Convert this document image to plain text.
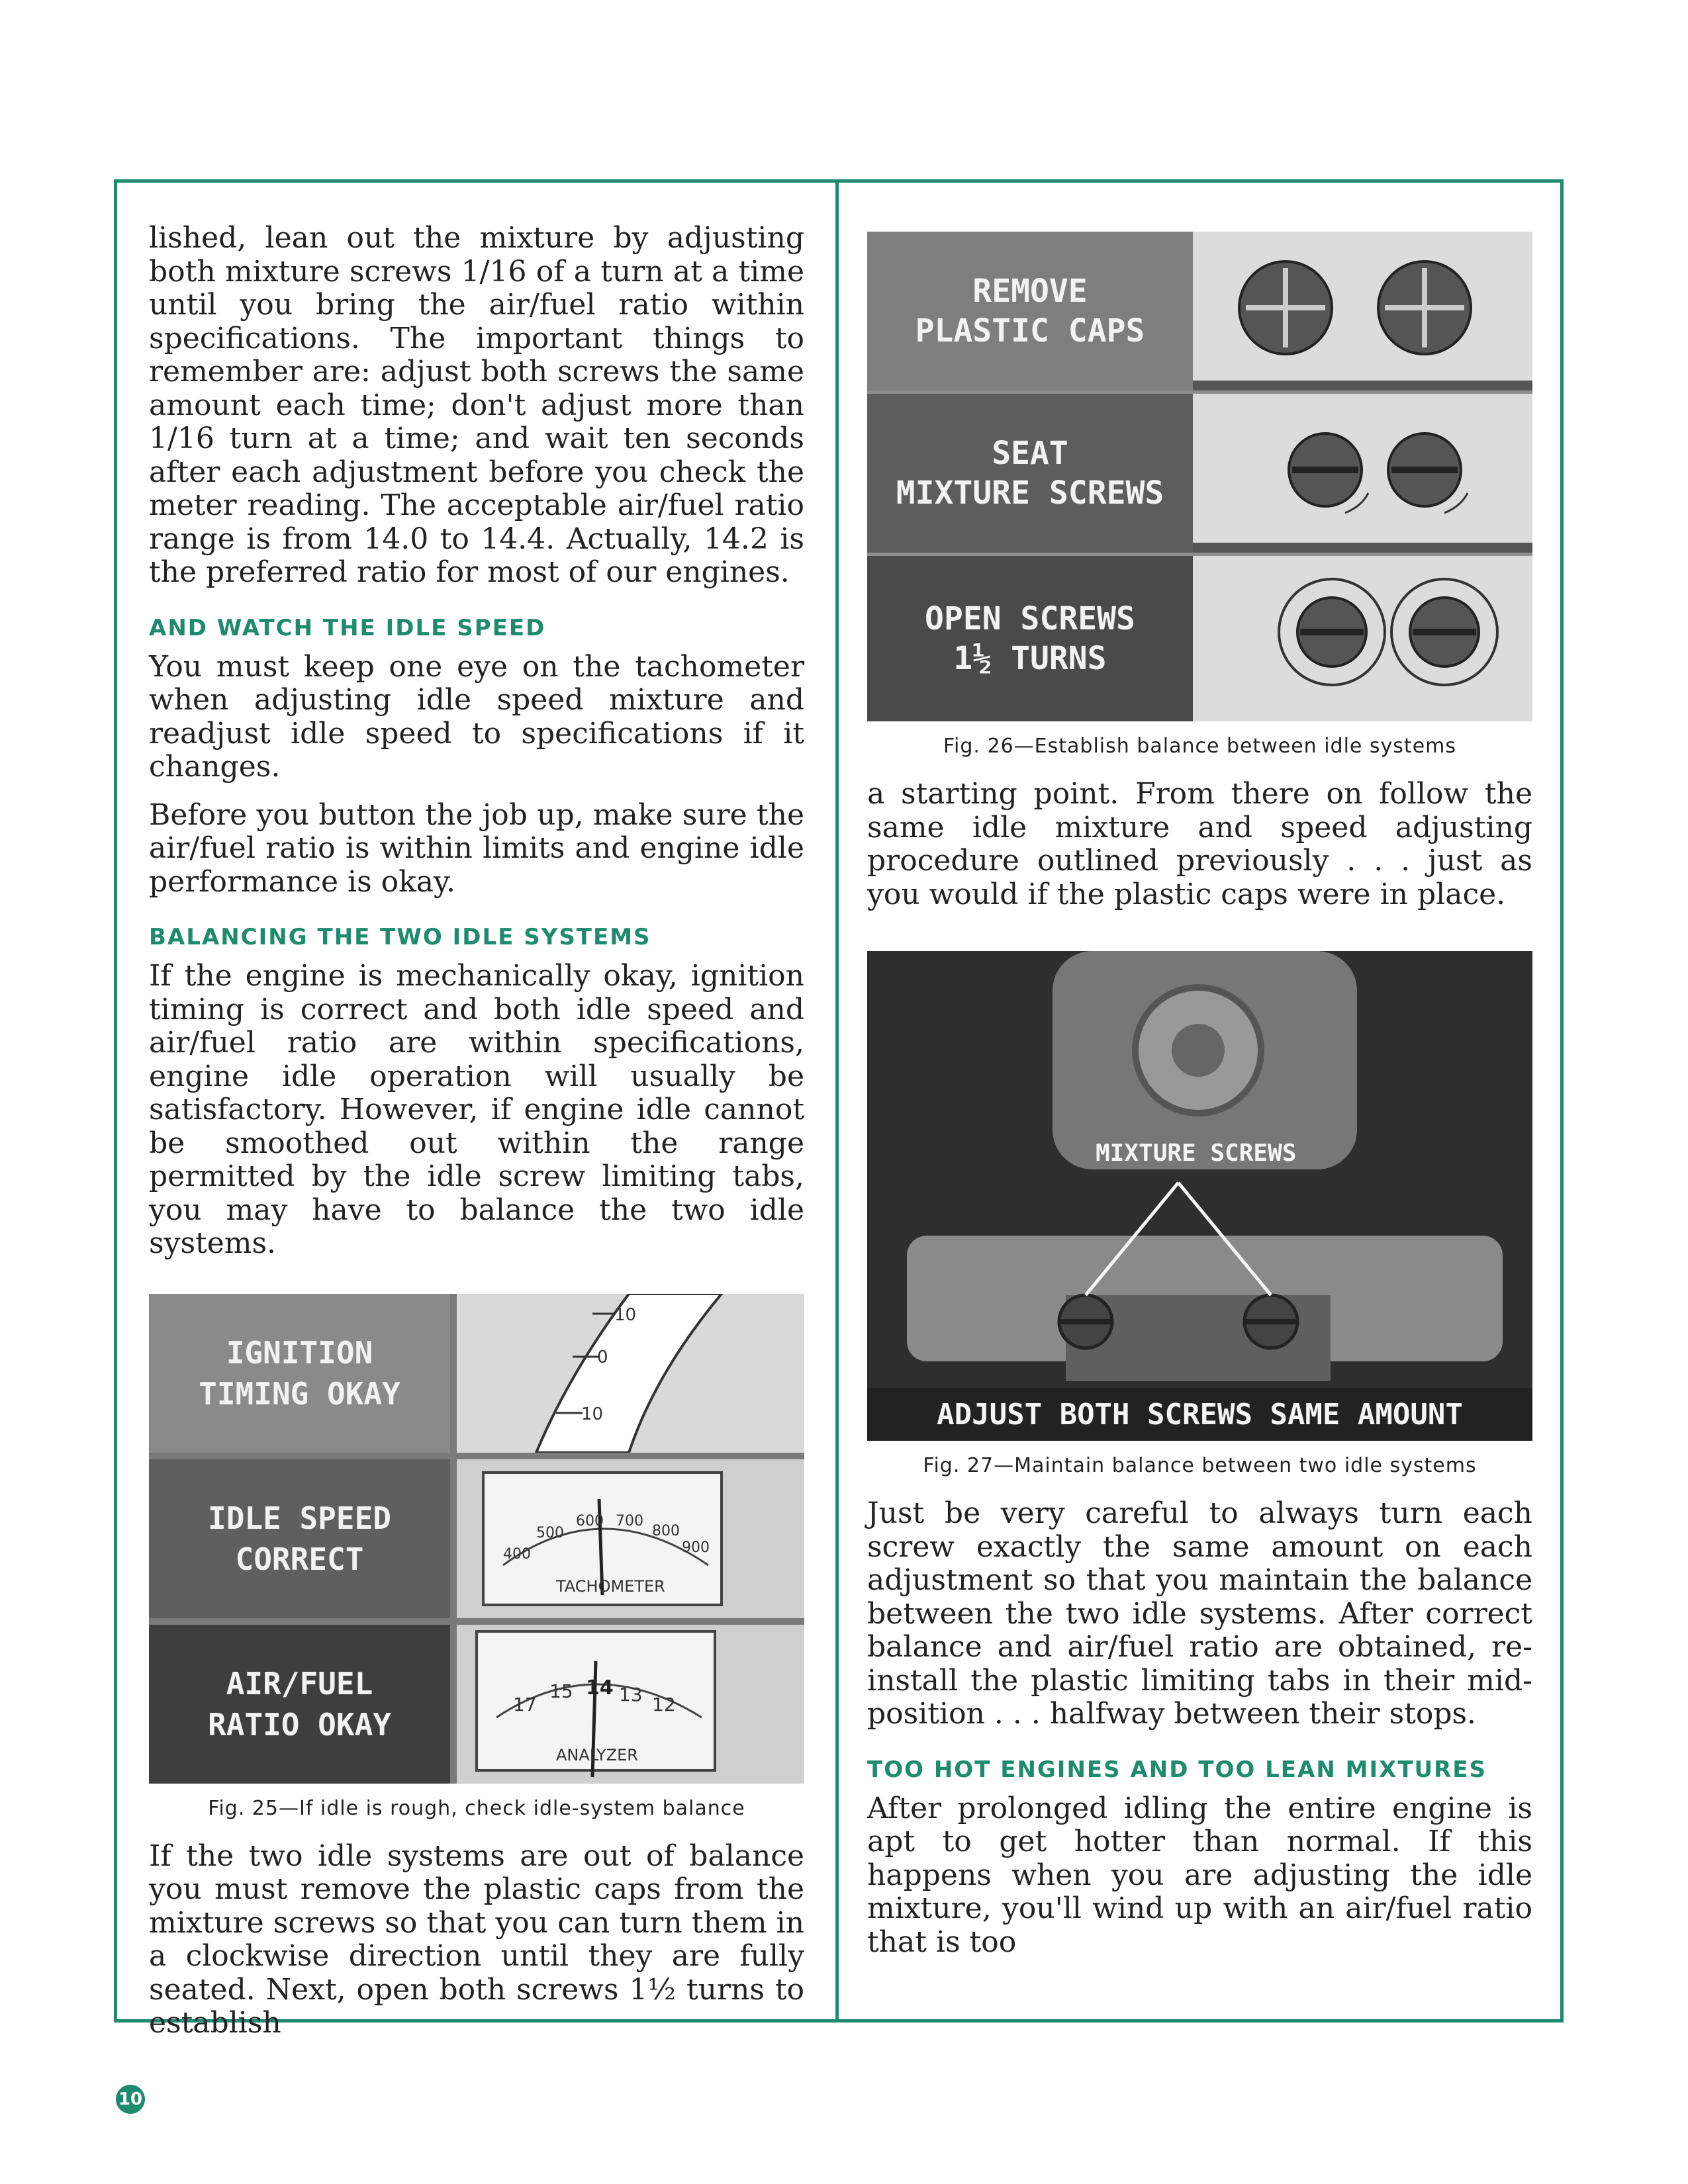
lished, lean out the mixture by adjusting both mixture screws 1/16 of a turn at a time until you bring the air/fuel ratio within specifications. The important things to remember are: adjust both screws the same amount each time; don't adjust more than 1/16 turn at a time; and wait ten seconds after each adjustment before you check the meter reading. The acceptable air/fuel ratio range is from 14.0 to 14.4. Actually, 14.2 is the preferred ratio for most of our engines.

AND WATCH THE IDLE SPEED

You must keep one eye on the tachometer when adjusting idle speed mixture and readjust idle speed to specifications if it changes.

Before you button the job up, make sure the air/fuel ratio is within limits and engine idle performance is okay.

BALANCING THE TWO IDLE SYSTEMS

If the engine is mechanically okay, ignition timing is correct and both idle speed and air/fuel ratio are within specifications, engine idle operation will usually be satisfactory. However, if engine idle cannot be smoothed out within the range permitted by the idle screw limiting tabs, you may have to balance the two idle systems.

IGNITION
TIMING OKAY
10
0
10
IDLE SPEED
CORRECT	400
500
600 700
800
900
TACHOMETER
AIR/FUEL
RATIO OKAY
17
15 14 13 12
ANALYZER
Fig. 25—If idle is rough, check idle-system balance

If the two idle systems are out of balance you must remove the plastic caps from the mixture screws so that you can turn them in a clockwise direction until they are fully seated. Next, open both screws 1½ turns to establish

REMOVE
PLASTIC CAPS
SEAT
MIXTURE SCREWS
OPEN SCREWS
1½ TURNS
Fig. 26—Establish balance between idle systems

a starting point. From there on follow the same idle mixture and speed adjusting procedure outlined previously . . . just as you would if the plastic caps were in place.

MIXTURE SCREWS
ADJUST BOTH SCREWS SAME AMOUNT
Fig. 27—Maintain balance between two idle systems

Just be very careful to always turn each screw exactly the same amount on each adjustment so that you maintain the balance between the two idle systems. After correct balance and air/fuel ratio are obtained, re-install the plastic limiting tabs in their mid-position . . . halfway between their stops.

TOO HOT ENGINES AND TOO LEAN MIXTURES

After prolonged idling the entire engine is apt to get hotter than normal. If this happens when you are adjusting the idle mixture, you'll wind up with an air/fuel ratio that is too

10
